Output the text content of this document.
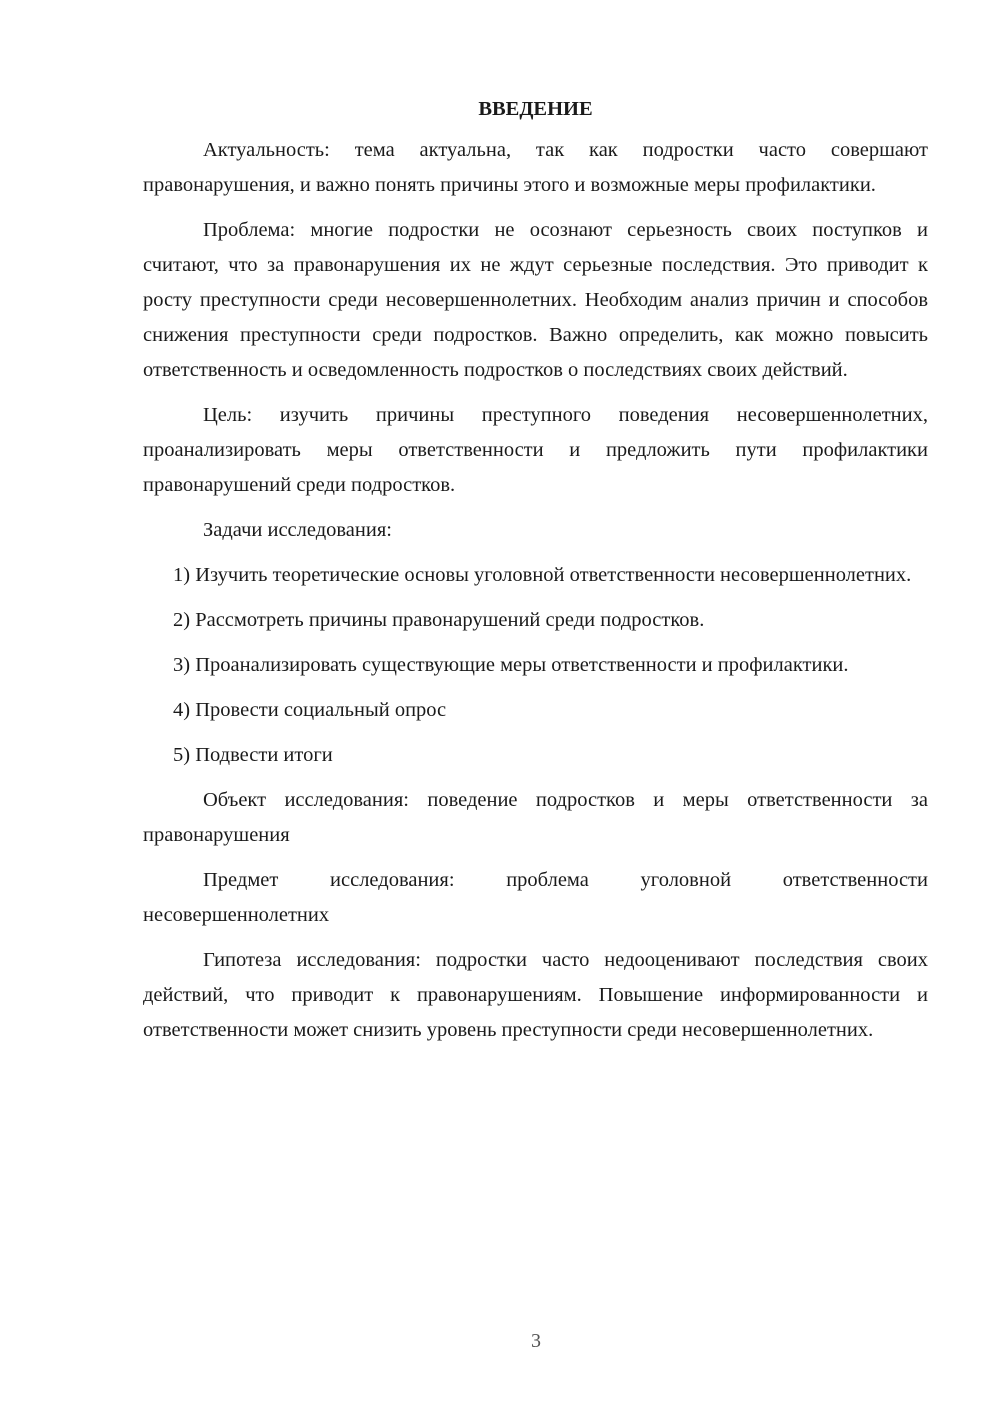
ВВЕДЕНИЕ

Актуальность: тема актуальна, так как подростки часто совершают правонарушения, и важно понять причины этого и возможные меры профилактики.

Проблема: многие подростки не осознают серьезность своих поступков и считают, что за правонарушения их не ждут серьезные последствия. Это приводит к росту преступности среди несовершеннолетних. Необходим анализ причин и способов снижения преступности среди подростков. Важно определить, как можно повысить ответственность и осведомленность подростков о последствиях своих действий.

Цель: изучить причины преступного поведения несовершеннолетних, проанализировать меры ответственности и предложить пути профилактики правонарушений среди подростков.

Задачи исследования:

1) Изучить теоретические основы уголовной ответственности несовершеннолетних.

2) Рассмотреть причины правонарушений среди подростков.

3) Проанализировать существующие меры ответственности и профилактики.

4) Провести социальный опрос

5) Подвести итоги

Объект исследования: поведение подростков и меры ответственности за правонарушения

Предмет исследования: проблема уголовной ответственности несовершеннолетних

Гипотеза исследования: подростки часто недооценивают последствия своих действий, что приводит к правонарушениям. Повышение информированности и ответственности может снизить уровень преступности среди несовершеннолетних.

3
